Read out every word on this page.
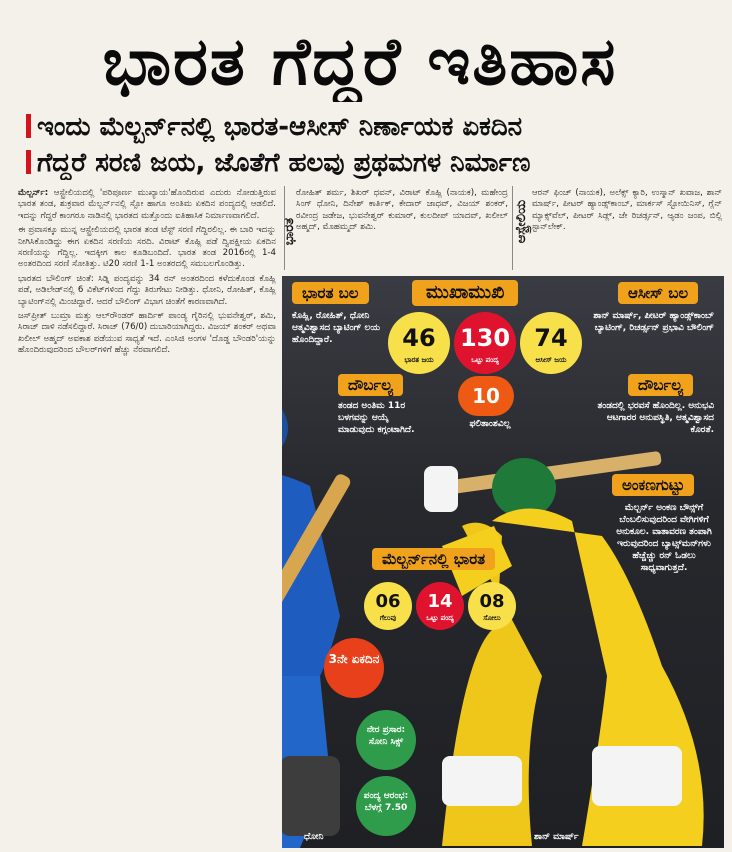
ಭಾರತ ಗೆದ್ದರೆ ಇತಿಹಾಸ
ಇಂದು ಮೆಲ್ಬರ್ನ್‌ನಲ್ಲಿ ಭಾರತ-ಆಸೀಸ್ ನಿರ್ಣಾಯಕ ಏಕದಿನ
ಗೆದ್ದರೆ ಸರಣಿ ಜಯ, ಜೊತೆಗೆ ಹಲವು ಪ್ರಥಮಗಳ ನಿರ್ಮಾಣ

ಮೆಲ್ಬರ್ನ್: ಆಸ್ಟ್ರೇಲಿಯದಲ್ಲಿ 'ಪರಿಪೂರ್ಣ ಮುಖ್ಯಾಯ'ಹೊಂದಿರುವ ಎದುರು ನೋಡುತ್ತಿರುವ ಭಾರತ ತಂಡ, ಶುಕ್ರವಾರ ಮೆಲ್ಬರ್ನ್‌ನಲ್ಲಿ ಸ್ಪೋ ಹಾಗೂ ಅಂತಿಮ ಏಕದಿನ ಪಂದ್ಯದಲ್ಲಿ ಆಡಲಿದೆ. ಇದನ್ನು ಗೆದ್ದರೆ ಕಾಂಗರೂ ನಾಡಿನಲ್ಲಿ ಭಾರತದ ಮತ್ತೊಂದು ಐತಿಹಾಸಿಕ ನಿರ್ಮಾಣವಾಗಲಿದೆ.

ಈ ಪ್ರವಾಸಕ್ಕೂ ಮುನ್ನ ಆಸ್ಟ್ರೇಲಿಯದಲ್ಲಿ ಭಾರತ ತಂಡ ಟೆಸ್ಟ್ ಸರಣಿ ಗೆದ್ದಿರಲಿಲ್ಲ. ಈ ಬಾರಿ ಇದನ್ನು ನೀಗಿಸಿಕೊಂಡಿದ್ದು ಈಗ ಏಕದಿನ ಸರಣಿಯ ಸರದಿ. ವಿರಾಟ್ ಕೊಹ್ಲಿ ಪಡೆ ದ್ವಿಪಕ್ಷೀಯ ಏಕದಿನ ಸರಣಿಯನ್ನು ಗೆದ್ದಿಲ್ಲ. ಇದಕ್ಕೀಗ ಕಾಲ ಕೂಡಿಬಂದಿದೆ. ಭಾರತ ತಂಡ 2016ರಲ್ಲಿ 1-4 ಅಂತರದಿಂದ ಸರಣಿ ಸೋತಿತ್ತು. ಟಿ20 ಸರಣಿ 1-1 ಅಂತರದಲ್ಲಿ ಸಮಬಲಗೊಂಡಿತ್ತು.

ಭಾರತದ ಬೌಲಿಂಗ್ ಚಿಂತೆ: ಸಿಡ್ನಿ ಪಂದ್ಯವನ್ನು 34 ರನ್ ಅಂತರದಿಂದ ಕಳೆದುಕೊಂಡ ಕೊಹ್ಲಿ ಪಡೆ, ಅಡಿಲೇಡ್‌ನಲ್ಲಿ 6 ವಿಕೆಟ್‌ಗಳಿಂದ ಗೆದ್ದು ತಿರುಗೇಟು ನೀಡಿತ್ತು. ಧೋನಿ, ರೋಹಿತ್, ಕೊಹ್ಲಿ ಬ್ಯಾಟಿಂಗ್‌ನಲ್ಲಿ ಮಿಂಚಿದ್ದಾರೆ. ಆದರೆ ಬೌಲಿಂಗ್ ವಿಭಾಗ ಚಿಂತೆಗೆ ಕಾರಣವಾಗಿದೆ.

ಜಸ್‌ಪ್ರೀತ್ ಬುಮ್ರಾ ಮತ್ತು ಆಲ್‌ರೌಂಡರ್ ಹಾರ್ದಿಕ್ ಪಾಂಡ್ಯ ಗೈರಿನಲ್ಲಿ ಭುವನೇಶ್ವರ್, ಶಮಿ, ಸಿರಾಜ್ ದಾಳಿ ನಡೆಸಲಿದ್ದಾರೆ. ಸಿರಾಜ್ (76/0) ದುಬಾರಿಯಾಗಿದ್ದರು. ವಿಜಯ್ ಶಂಕರ್ ಅಥವಾ ಖಲೀಲ್ ಅಹ್ಮದ್ ಅವಕಾಶ ಪಡೆಯುವ ಸಾಧ್ಯತೆ ಇದೆ. ಎಂಸಿಜಿ ಅಂಗಳ 'ದೊಡ್ಡ ಬೌಂಡರಿ'ಯನ್ನು ಹೊಂದಿರುವುದರಿಂದ ಬೌಲರ್‌ಗಳಿಗೆ ಹೆಚ್ಚು ನೆರವಾಗಲಿದೆ.

ಭಾರತ
ರೋಹಿತ್ ಶರ್ಮ, ಶಿಖರ್ ಧವನ್, ವಿರಾಟ್ ಕೊಹ್ಲಿ (ನಾಯಕ), ಮಹೇಂದ್ರ ಸಿಂಗ್ ಧೋನಿ, ದಿನೇಶ್ ಕಾರ್ತಿಕ್, ಕೇದಾರ್ ಜಾಧವ್, ವಿಜಯ್ ಶಂಕರ್, ರವೀಂದ್ರ ಜಡೇಜ, ಭುವನೇಶ್ವರ್ ಕುಮಾರ್, ಕುಲದೀಪ್ ಯಾದವ್, ಖಲೀಲ್ ಅಹ್ಮದ್, ಮೊಹಮ್ಮದ್ ಶಮಿ.	ಆಸ್ಟ್ರೇಲಿಯ
ಆರನ್ ಫಿಂಚ್ (ನಾಯಕ), ಅಲೆಕ್ಸ್ ಕ್ಯಾರಿ, ಉಸ್ಮಾನ್ ಖವಾಜ, ಶಾನ್ ಮಾರ್ಷ್, ಪೀಟರ್ ಹ್ಯಾಂಡ್ಸ್‌ಕಾಂಬ್, ಮಾರ್ಕಸ್ ಸ್ಟೋಯಿನಿಸ್, ಗ್ಲೆನ್ ಮ್ಯಾಕ್ಸ್‌ವೆಲ್, ಪೀಟರ್ ಸಿಡ್ಲ್, ಜೇ ರಿಚರ್ಡ್ಸನ್, ಆ್ಯಡಂ ಜಂಪ, ಬಿಲ್ಲಿ ಸ್ಟಾನ್‌ಲೇಕ್.
ಭಾರತ ಬಲ
ಕೊಹ್ಲಿ, ರೋಹಿತ್, ಧೋನಿ ಆತ್ಮವಿಶ್ವಾಸದ ಬ್ಯಾಟಿಂಗ್ ಲಯ ಹೊಂದಿದ್ದಾರೆ.
ಮುಖಾಮುಖಿ
46
ಭಾರತ ಜಯ
130
ಒಟ್ಟು ಪಂದ್ಯ
74
ಆಸೀಸ್ ಜಯ
10
ಫಲಿತಾಂಶವಿಲ್ಲ
ಆಸೀಸ್ ಬಲ
ಶಾನ್ ಮಾರ್ಷ್, ಪೀಟರ್ ಹ್ಯಾಂಡ್ಸ್‌ಕಾಂಬ್ ಬ್ಯಾಟಿಂಗ್, ರಿಚರ್ಡ್ಸನ್ ಪ್ರಭಾವಿ ಬೌಲಿಂಗ್
ದೌರ್ಬಲ್ಯ
ತಂಡದ ಅಂತಿಮ 11ರ ಬಳಗವನ್ನು ಆಯ್ಕೆ ಮಾಡುವುದು ಕಗ್ಗಂಟಾಗಿದೆ.
ದೌರ್ಬಲ್ಯ
ತಂಡದಲ್ಲಿ ಭರವಸೆ ಹೊಂದಿಲ್ಲ. ಅನುಭವಿ ಆಟಗಾರರ ಅನುಪಸ್ಥಿತಿ, ಆತ್ಮವಿಶ್ವಾಸದ ಕೊರತೆ.
ಅಂಕಣಗುಟ್ಟು
ಮೆಲ್ಬರ್ನ್ ಅಂಕಣ ಬೌನ್ಸ್‌ಗೆ ಬೆಂಬಲಿಸುವುದರಿಂದ ವೇಗಿಗಳಿಗೆ ಅನುಕೂಲ. ವಾತಾವರಣ ತಂಪಾಗಿ ಇರುವುದರಿಂದ ಬ್ಯಾಟ್ಸ್‌ಮನ್‌ಗಳು ಹೆಚ್ಚೆಚ್ಚು ರನ್ ಓಡಲು ಸಾಧ್ಯವಾಗುತ್ತದೆ.
ಮೆಲ್ಬರ್ನ್‌ನಲ್ಲಿ ಭಾರತ
06
ಗೆಲುವು
14
ಒಟ್ಟು ಪಂದ್ಯ
08
ಸೋಲು
3ನೇ ಏಕದಿನ
ನೇರ ಪ್ರಸಾರ:
ಸೋನಿ ಸಿಕ್ಸ್
ಪಂದ್ಯ ಆರಂಭ:
ಬೆಳಗ್ಗೆ 7.50
ಧೋನಿ	ಶಾನ್ ಮಾರ್ಷ್
